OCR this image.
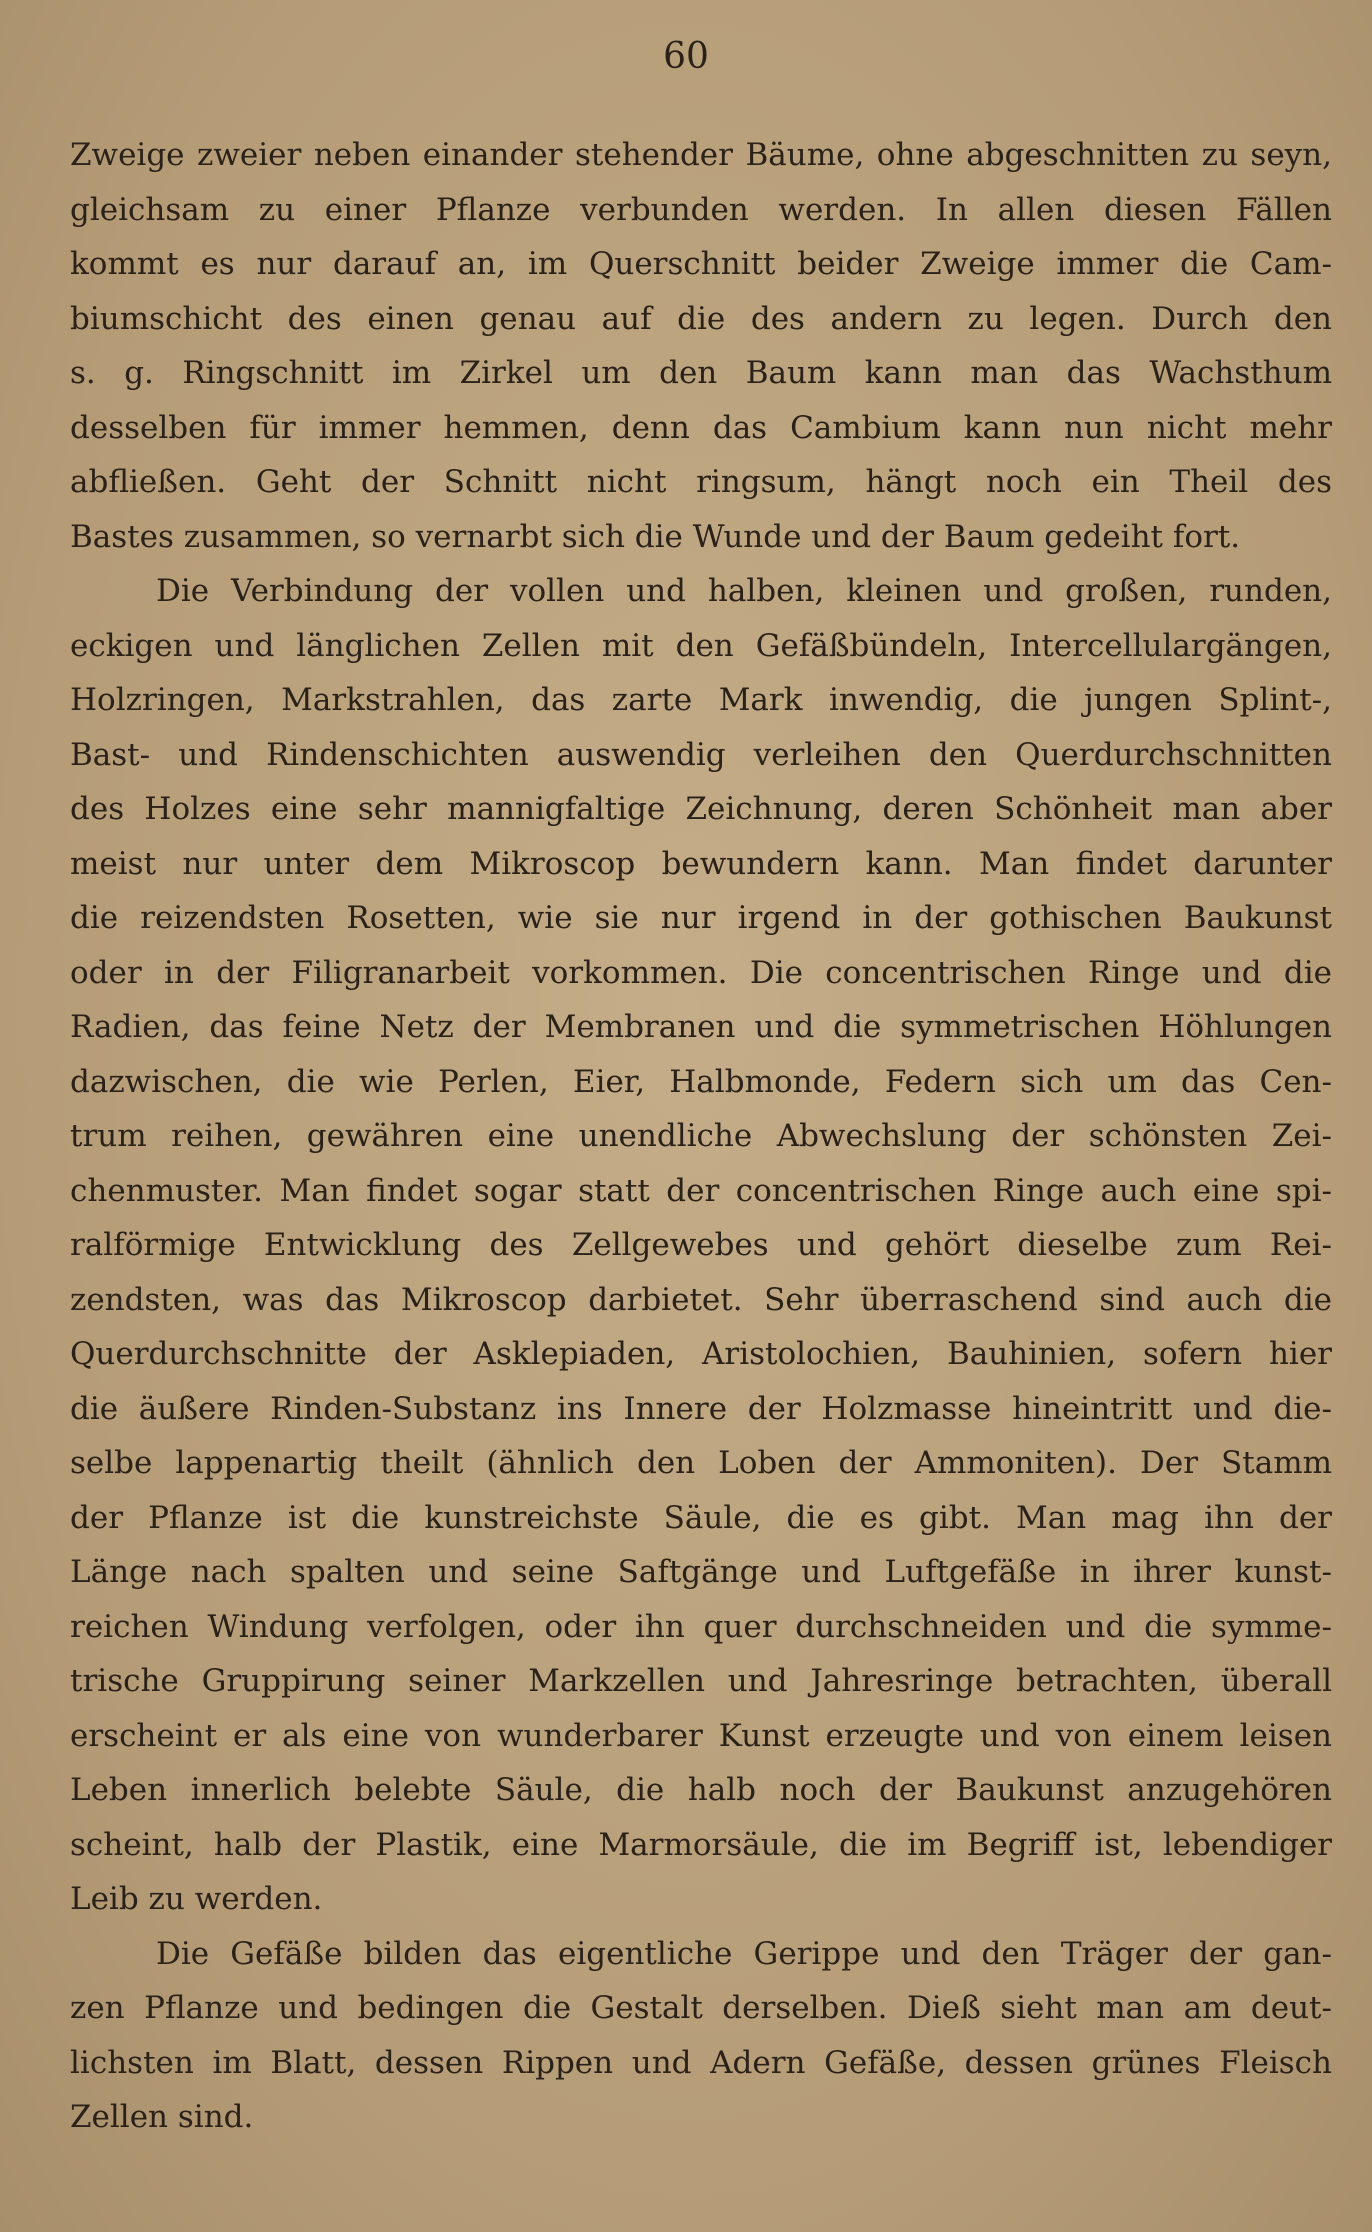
60
Zweige zweier neben einander stehender Bäume, ohne abgeschnitten zu seyn,
gleichsam zu einer Pflanze verbunden werden. In allen diesen Fällen
kommt es nur darauf an, im Querschnitt beider Zweige immer die Cam-
biumschicht des einen genau auf die des andern zu legen. Durch den
s. g. Ringschnitt im Zirkel um den Baum kann man das Wachsthum
desselben für immer hemmen, denn das Cambium kann nun nicht mehr
abfließen. Geht der Schnitt nicht ringsum, hängt noch ein Theil des
Bastes zusammen, so vernarbt sich die Wunde und der Baum gedeiht fort.
Die Verbindung der vollen und halben, kleinen und großen, runden,
eckigen und länglichen Zellen mit den Gefäßbündeln, Intercellulargängen,
Holzringen, Markstrahlen, das zarte Mark inwendig, die jungen Splint-,
Bast- und Rindenschichten auswendig verleihen den Querdurchschnitten
des Holzes eine sehr mannigfaltige Zeichnung, deren Schönheit man aber
meist nur unter dem Mikroscop bewundern kann. Man findet darunter
die reizendsten Rosetten, wie sie nur irgend in der gothischen Baukunst
oder in der Filigranarbeit vorkommen. Die concentrischen Ringe und die
Radien, das feine Netz der Membranen und die symmetrischen Höhlungen
dazwischen, die wie Perlen, Eier, Halbmonde, Federn sich um das Cen-
trum reihen, gewähren eine unendliche Abwechslung der schönsten Zei-
chenmuster. Man findet sogar statt der concentrischen Ringe auch eine spi-
ralförmige Entwicklung des Zellgewebes und gehört dieselbe zum Rei-
zendsten, was das Mikroscop darbietet. Sehr überraschend sind auch die
Querdurchschnitte der Asklepiaden, Aristolochien, Bauhinien, sofern hier
die äußere Rinden-Substanz ins Innere der Holzmasse hineintritt und die-
selbe lappenartig theilt (ähnlich den Loben der Ammoniten). Der Stamm
der Pflanze ist die kunstreichste Säule, die es gibt. Man mag ihn der
Länge nach spalten und seine Saftgänge und Luftgefäße in ihrer kunst-
reichen Windung verfolgen, oder ihn quer durchschneiden und die symme-
trische Gruppirung seiner Markzellen und Jahresringe betrachten, überall
erscheint er als eine von wunderbarer Kunst erzeugte und von einem leisen
Leben innerlich belebte Säule, die halb noch der Baukunst anzugehören
scheint, halb der Plastik, eine Marmorsäule, die im Begriff ist, lebendiger
Leib zu werden.
Die Gefäße bilden das eigentliche Gerippe und den Träger der gan-
zen Pflanze und bedingen die Gestalt derselben. Dieß sieht man am deut-
lichsten im Blatt, dessen Rippen und Adern Gefäße, dessen grünes Fleisch
Zellen sind.
